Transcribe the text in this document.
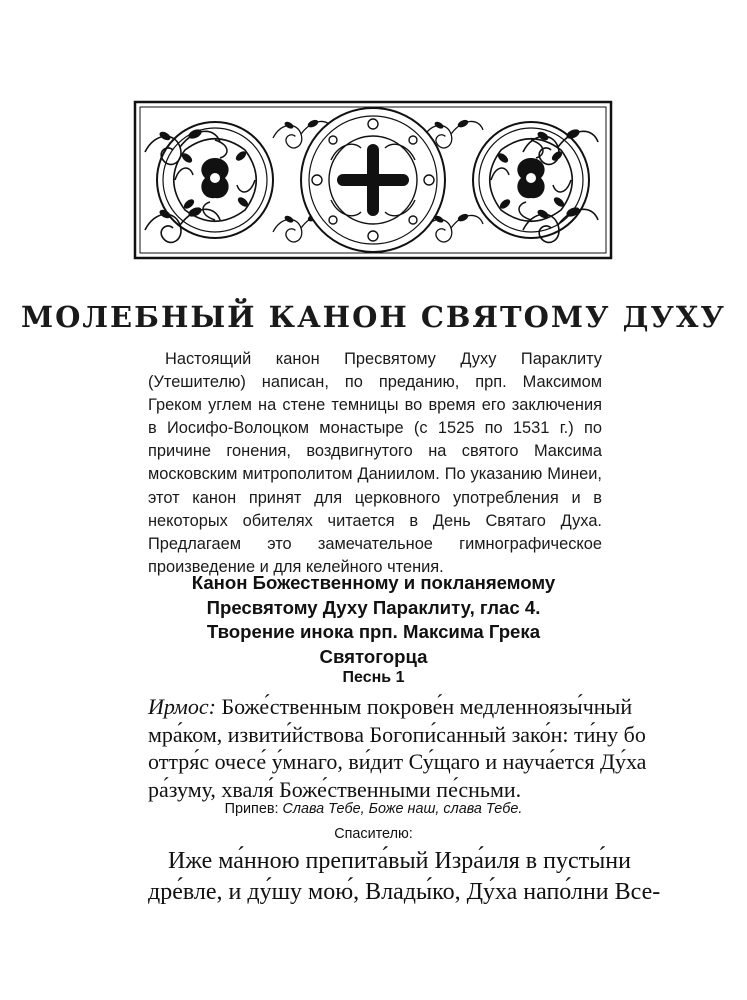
МОЛЕБНЫЙ КАНОН СВЯТОМУ ДУХУ

Настоящий канон Пресвятому Духу Параклиту (Утешителю) написан, по преданию, прп. Максимом Греком углем на стене темницы во время его заключения в Иосифо-Волоцком монастыре (с 1525 по 1531 г.) по причине гонения, воздвигнутого на святого Максима московским митрополитом Даниилом. По указанию Минеи, этот канон принят для церковного употребления и в некоторых обителях читается в День Святаго Духа. Предлагаем это замечательное гимнографическое произведение и для келейного чтения.

Канон Божественному и покланяемому
Пресвятому Духу Параклиту, глас 4.
Творение инока прп. Максима Грека
Святогорца
Песнь 1
Ирмос: Боже́ственным покрове́н медленноязы́чный
мра́ком, извити́йствова Богопи́санный зако́н: ти́ну бо
оттря́с очесе́ у́мнаго, ви́дит Су́щаго и науча́ется Ду́ха
ра́зуму, хваля́ Боже́ственными пе́сньми.
Припев: Слава Тебе, Боже наш, слава Тебе.
Спасителю:
Иже ма́нною препита́вый Изра́иля в пусты́ни
дре́вле, и ду́шу мою́, Влады́ко, Ду́ха напо́лни Все-
